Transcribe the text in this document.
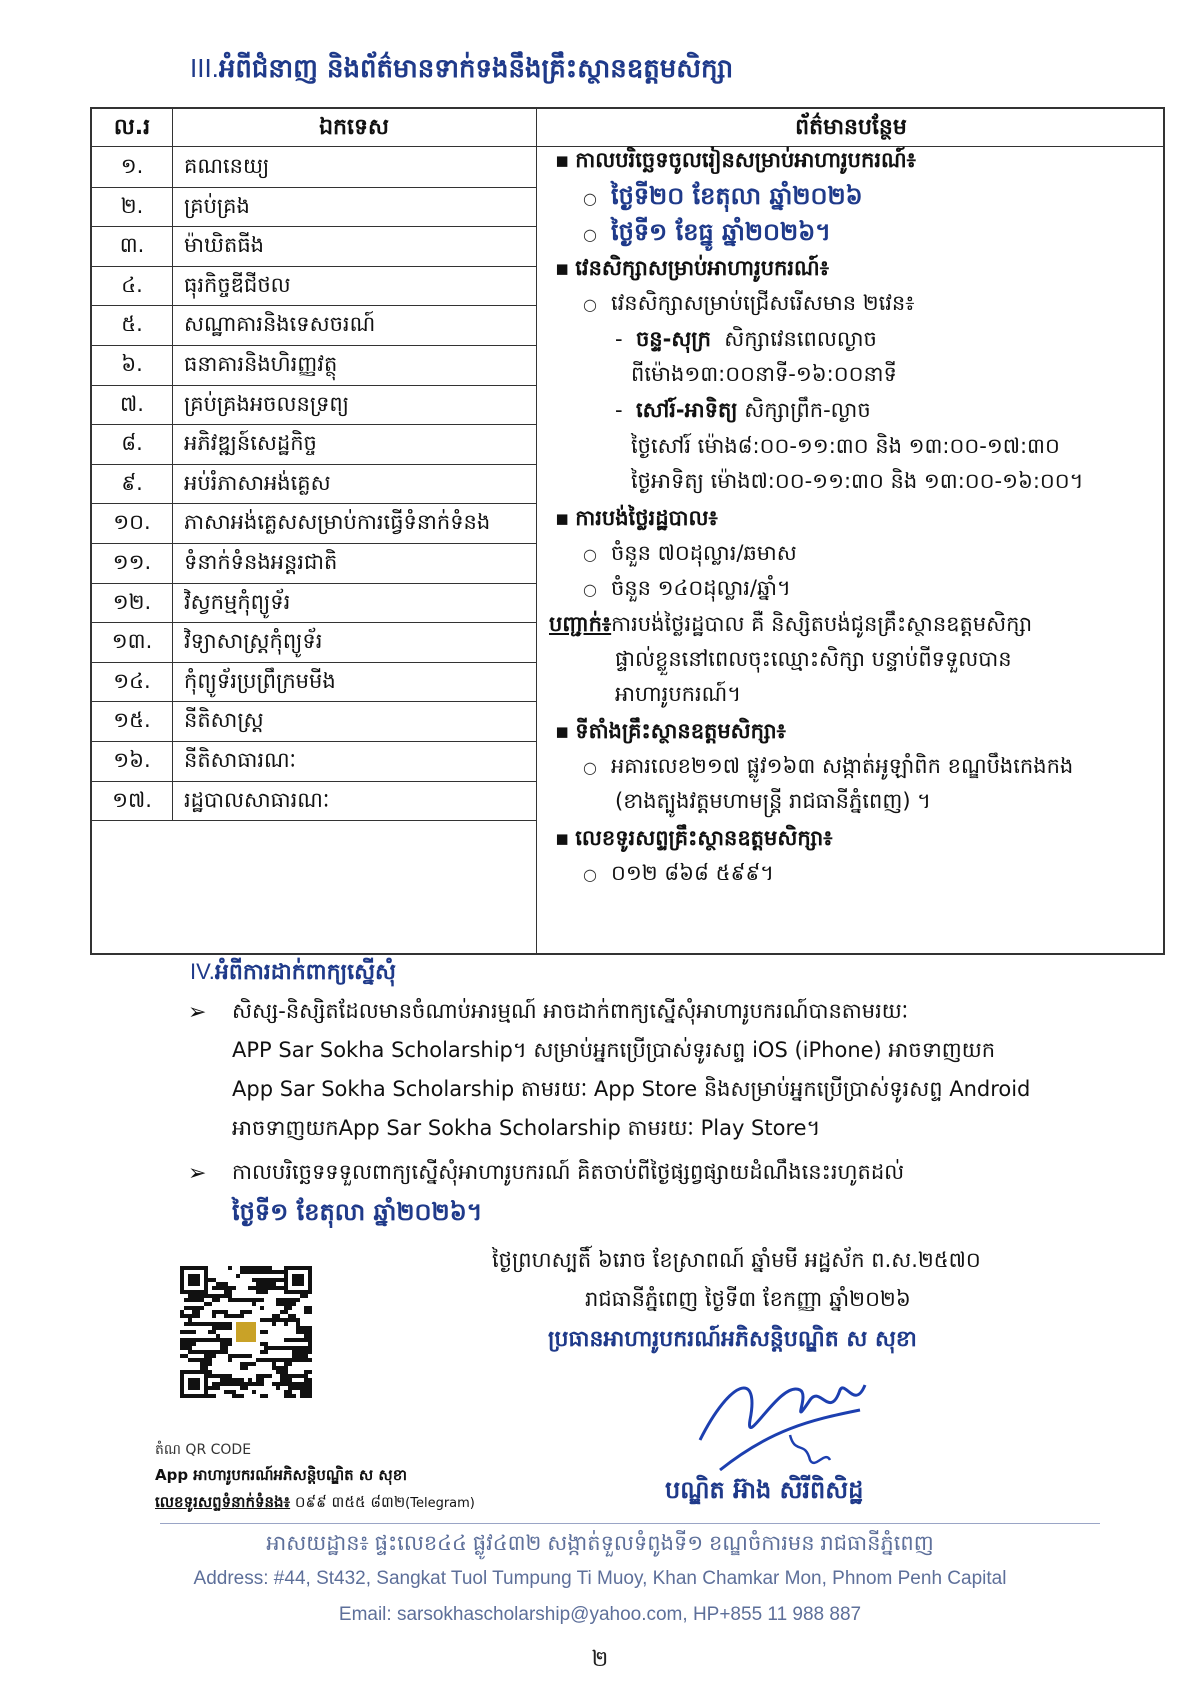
III.អំពីជំនាញ និងព័ត៌មានទាក់ទងនឹងគ្រឹះស្ថានឧត្តមសិក្សា
ល.រ	ឯកទេស	ព័ត៌មានបន្ថែម
១.	គណនេយ្យ
២.	គ្រប់គ្រង
៣.	ម៉ាឃិតធីង
៤.	ធុរកិច្ចឌីជីថល
៥.	សណ្ឋាគារនិងទេសចរណ៍
៦.	ធនាគារនិងហិរញ្ញវត្ថុ
៧.	គ្រប់គ្រងអចលនទ្រព្យ
៨.	អភិវឌ្ឍន៍សេដ្ឋកិច្ច
៩.	អប់រំភាសាអង់គ្លេស
១០.	ភាសាអង់គ្លេសសម្រាប់ការធ្វើទំនាក់ទំនង
១១.	ទំនាក់ទំនងអន្តរជាតិ
១២.	វិស្វកម្មកុំព្យូទ័រ
១៣.	វិទ្យាសាស្ត្រកុំព្យូទ័រ
១៤.	កុំព្យូទ័រប្រព្រឹក្រមមីង
១៥.	នីតិសាស្ត្រ
១៦.	នីតិសាធារណៈ
១៧.	រដ្ឋបាលសាធារណៈ
▪ កាលបរិច្ឆេទចូលរៀនសម្រាប់អាហារូបករណ៍៖
○ ថ្ងៃទី២០ ខែតុលា ឆ្នាំ២០២៦
○ ថ្ងៃទី១ ខែធ្នូ ឆ្នាំ២០២៦។
▪ វេនសិក្សាសម្រាប់អាហារូបករណ៍៖
○ វេនសិក្សាសម្រាប់ជ្រើសរើសមាន ២វេន៖
-  ចន្ទ-សុក្រ សិក្សាវេនពេលល្ងាច
ពីម៉ោង១៣:០០នាទី-១៦:០០នាទី
-  សៅរ៍-អាទិត្យ សិក្សាព្រឹក-ល្ងាច
ថ្ងៃសៅរ៍ ម៉ោង៨:០០-១១:៣០ និង ១៣:០០-១៧:៣០
ថ្ងៃអាទិត្យ ម៉ោង៧:០០-១១:៣០ និង ១៣:០០-១៦:០០។
▪ ការបង់ថ្លៃរដ្ឋបាល៖
○ ចំនួន ៧០ដុល្លារ/ឆមាស
○ ចំនួន ១៤០ដុល្លារ/ឆ្នាំ។
បញ្ជាក់៖ការបង់ថ្លៃរដ្ឋបាល គឺ និស្សិតបង់ជូនគ្រឹះស្ថានឧត្តមសិក្សា
ផ្ទាល់ខ្លួននៅពេលចុះឈ្មោះសិក្សា បន្ទាប់ពីទទួលបាន
អាហារូបករណ៍។
▪ ទីតាំងគ្រឹះស្ថានឧត្តមសិក្សា៖
○ អគារលេខ២១៧ ផ្លូវ១៦៣ សង្កាត់អូឡាំពិក ខណ្ឌបឹងកេងកង
(ខាងត្បូងវត្តមហាមន្ត្រី រាជធានីភ្នំពេញ) ។
▪ លេខទូរសព្ទគ្រឹះស្ថានឧត្តមសិក្សា៖
○ ០១២ ៨៦៨ ៥៩៩។
IV.អំពីការដាក់ពាក្យស្នើសុំ
➢ សិស្ស-និស្សិតដែលមានចំណាប់អារម្មណ៍ អាចដាក់ពាក្យស្នើសុំអាហារូបករណ៍បានតាមរយៈ
APP Sar Sokha Scholarship។ សម្រាប់អ្នកប្រើប្រាស់ទូរសព្ទ iOS (iPhone) អាចទាញយក
App Sar Sokha Scholarship តាមរយៈ App Store និងសម្រាប់អ្នកប្រើប្រាស់ទូរសព្ទ Android
អាចទាញយកApp Sar Sokha Scholarship តាមរយៈ Play Store។
➢ កាលបរិច្ឆេទទទួលពាក្យស្នើសុំអាហារូបករណ៍ គិតចាប់ពីថ្ងៃផ្សព្វផ្សាយដំណឹងនេះរហូតដល់
ថ្ងៃទី១ ខែតុលា ឆ្នាំ២០២៦។
ថ្ងៃព្រហស្បតិ៍ ៦រោច ខែស្រាពណ៍ ឆ្នាំមមី អដ្ឋស័ក ព.ស.២៥៧០
រាជធានីភ្នំពេញ ថ្ងៃទី៣ ខែកញ្ញា ឆ្នាំ២០២៦
ប្រធានអាហារូបករណ៍អភិសន្តិបណ្ឌិត ស សុខា
បណ្ឌិត អ៊ាង សិរីពិសិដ្ឋ
តំណ QR CODE
App អាហារូបករណ៍អភិសន្តិបណ្ឌិត ស សុខា
លេខទូរសព្ទទំនាក់ទំនង៖ ០៩៩ ៣៥៥ ៨៣២(Telegram)
អាសយដ្ឋាន៖ ផ្ទះលេខ៤៤ ផ្លូវ៤៣២ សង្កាត់ទួលទំពូងទី១ ខណ្ឌចំការមន រាជធានីភ្នំពេញ
Address: #44, St432, Sangkat Tuol Tumpung Ti Muoy, Khan Chamkar Mon, Phnom Penh Capital
Email: sarsokhascholarship@yahoo.com, HP+855 11 988 887
២
